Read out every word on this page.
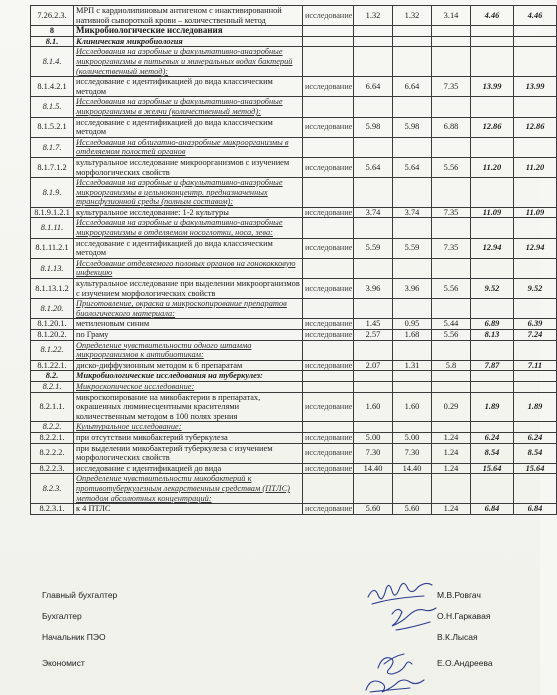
7.26.2.3.	МРП с кардиолипиновым антигеном с инактивированной нативной сывороткой крови – количественный метод	исследование	1.32	1.32	3.14	4.46	4.46
8	Микробиологические исследования						
8.1.	Клиническая микробиология						
8.1.4.	Исследования на аэробные и факультативно-анаэробные микроорганизмы в питьевых и минеральных водах бактерий (количественный метод):						
8.1.4.2.1	исследование с идентификацией до вида классическим методом	исследование	6.64	6.64	7.35	13.99	13.99
8.1.5.	Исследования на аэробные и факультативно-анаэробные микроорганизмы в желчи (количественный метод):						
8.1.5.2.1	исследование с идентификацией до вида классическим методом	исследование	5.98	5.98	6.88	12.86	12.86
8.1.7.	Исследования на облигатно-анаэробные микроорганизмы в отделяемом полостей органов						
8.1.7.1.2	культуральное исследование микроорганизмов с изучением морфологических свойств	исследование	5.64	5.64	5.56	11.20	11.20
8.1.9.	Исследования на аэробные и факультативно-анаэробные микроорганизмы в цельноконцентр. предназначенных трансфузионной среды (полным составом):						
8.1.9.1.2.1	культуральное исследование: 1-2 культуры	исследование	3.74	3.74	7.35	11.09	11.09
8.1.11.	Исследования на аэробные и факультативно-анаэробные микроорганизмы в отделяемом носоглотки, носа, зева:						
8.1.11.2.1	исследование с идентификацией до вида классическим методом	исследование	5.59	5.59	7.35	12.94	12.94
8.1.13.	Исследование отделяемого половых органов на гонококковую инфекцию						
8.1.13.1.2	культуральное исследование при выделении микроорганизмов с изучением морфологических свойств	исследование	3.96	3.96	5.56	9.52	9.52
8.1.20.	Приготовление, окраска и микроскопирование препаратов биологического материала:						
8.1.20.1.	метиленовым синим	исследование	1.45	0.95	5.44	6.89	6.39
8.1.20.2.	по Граму	исследование	2.57	1.68	5.56	8.13	7.24
8.1.22.	Определение чувствительности одного штамма микроорганизмов к антибиотикам:						
8.1.22.1.	диско-диффузионным методом к 6 препаратам	исследование	2.07	1.31	5.8	7.87	7.11
8.2.	Микробиологические исследования на туберкулез:						
8.2.1.	Микроскопическое исследование:						
8.2.1.1.	микроскопирование на микобактерии в препаратах, окрашенных люминесцентными красителями количественным методом в 100 полях зрения	исследование	1.60	1.60	0.29	1.89	1.89
8.2.2.	Культуральное исследование:						
8.2.2.1.	при отсутствии микобактерий туберкулеза	исследование	5.00	5.00	1.24	6.24	6.24
8.2.2.2.	при выделении микобактерий туберкулеза с изучением морфологических свойств	исследование	7.30	7.30	1.24	8.54	8.54
8.2.2.3.	исследование с идентификацией до вида	исследование	14.40	14.40	1.24	15.64	15.64
8.2.3.	Определение чувствительности микобактерий к противотуберкулезным лекарственным средствам (ПТЛС) методом абсолютных концентраций:						
8.2.3.1.	к 4 ПТЛС	исследование	5.60	5.60	1.24	6.84	6.84
Главный бухгалтер	М.В.Ровгач
Бухгалтер	О.Н.Гаркавая
Начальник ПЭО	В.К.Лысая
Экономист	Е.О.Андреева
